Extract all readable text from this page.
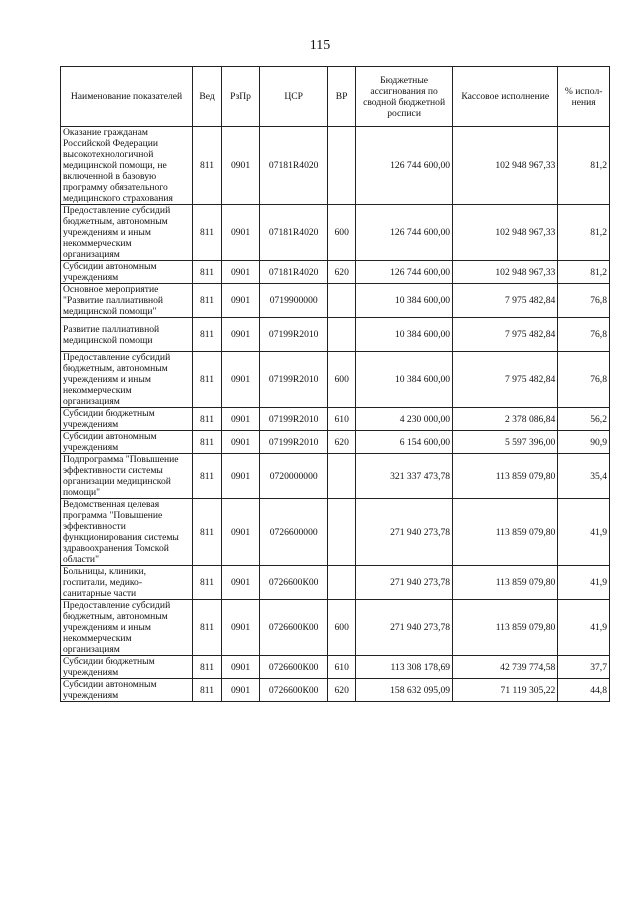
115
Наименование показателей	Вед	РзПр	ЦСР	ВР	Бюджетные ассигнования по сводной бюджетной росписи	Кассовое исполнение	% испол-нения
Оказание гражданам Российской Федерации высокотехнологичной медицинской помощи, не включенной в базовую программу обязательного медицинского страхования	811	0901	07181R4020		126 744 600,00	102 948 967,33	81,2
Предоставление субсидий бюджетным, автономным учреждениям и иным некоммерческим организациям	811	0901	07181R4020	600	126 744 600,00	102 948 967,33	81,2
Субсидии автономным учреждениям	811	0901	07181R4020	620	126 744 600,00	102 948 967,33	81,2
Основное мероприятие "Развитие паллиативной медицинской помощи"	811	0901	0719900000		10 384 600,00	7 975 482,84	76,8
Развитие паллиативной медицинской помощи	811	0901	07199R2010		10 384 600,00	7 975 482,84	76,8
Предоставление субсидий бюджетным, автономным учреждениям и иным некоммерческим организациям	811	0901	07199R2010	600	10 384 600,00	7 975 482,84	76,8
Субсидии бюджетным учреждениям	811	0901	07199R2010	610	4 230 000,00	2 378 086,84	56,2
Субсидии автономным учреждениям	811	0901	07199R2010	620	6 154 600,00	5 597 396,00	90,9
Подпрограмма "Повышение эффективности системы организации медицинской помощи"	811	0901	0720000000		321 337 473,78	113 859 079,80	35,4
Ведомственная целевая программа "Повышение эффективности функционирования системы здравоохранения Томской области"	811	0901	0726600000		271 940 273,78	113 859 079,80	41,9
Больницы, клиники, госпитали, медико-санитарные части	811	0901	0726600К00		271 940 273,78	113 859 079,80	41,9
Предоставление субсидий бюджетным, автономным учреждениям и иным некоммерческим организациям	811	0901	0726600К00	600	271 940 273,78	113 859 079,80	41,9
Субсидии бюджетным учреждениям	811	0901	0726600К00	610	113 308 178,69	42 739 774,58	37,7
Субсидии автономным учреждениям	811	0901	0726600К00	620	158 632 095,09	71 119 305,22	44,8
